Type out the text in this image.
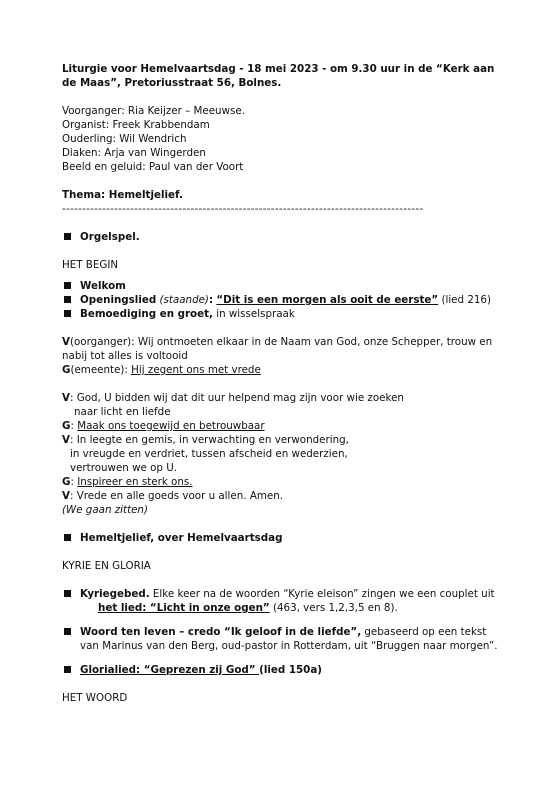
Liturgie voor Hemelvaartsdag - 18 mei 2023 - om 9.30 uur in de “Kerk aan
de Maas”, Pretoriusstraat 56, Bolnes.
Voorganger: Ria Keijzer – Meeuwse.
Organist: Freek Krabbendam
Ouderling: Wil Wendrich
Diaken: Arja van Wingerden
Beeld en geluid: Paul van der Voort
Thema: Hemeltjelief.
------------------------------------------------------------------------------------------
Orgelspel.
HET BEGIN
Welkom
Openingslied (staande): “Dit is een morgen als ooit de eerste” (lied 216)
Bemoediging en groet, in wisselspraak
V(oorganger): Wij ontmoeten elkaar in de Naam van God, onze Schepper, trouw en
nabij tot alles is voltooid
G(emeente): Hij zegent ons met vrede
V: God, U bidden wij dat dit uur helpend mag zijn voor wie zoeken
naar licht en liefde
G: Maak ons toegewijd en betrouwbaar
V: In leegte en gemis, in verwachting en verwondering,
in vreugde en verdriet, tussen afscheid en wederzien,
vertrouwen we op U.
G: Inspireer en sterk ons.
V: Vrede en alle goeds voor u allen. Amen.
(We gaan zitten)
Hemeltjelief, over Hemelvaartsdag
KYRIE EN GLORIA
Kyriegebed. Elke keer na de woorden “Kyrie eleison” zingen we een couplet uit
het lied: “Licht in onze ogen” (463, vers 1,2,3,5 en 8).
Woord ten leven – credo “Ik geloof in de liefde”, gebaseerd op een tekst
van Marinus van den Berg, oud-pastor in Rotterdam, uit “Bruggen naar morgen”.
Glorialied: “Geprezen zij God” (lied 150a)
HET WOORD
